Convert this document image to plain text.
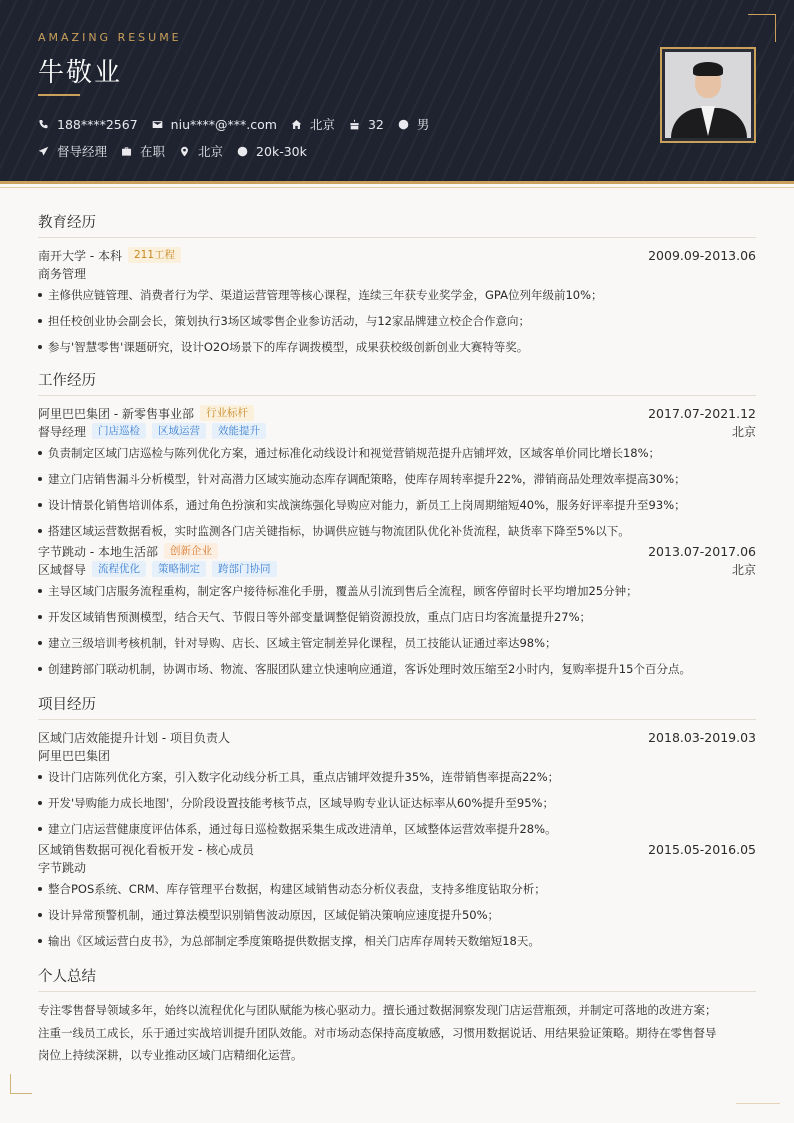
AMAZING RESUME
牛敬业
188****2567	niu****@***.com	北京	32	男
督导经理	在职	北京	20k-30k
教育经历
南开大学 - 本科	211工程	2009.09-2013.06
商务管理
主修供应链管理、消费者行为学、渠道运营管理等核心课程，连续三年获专业奖学金，GPA位列年级前10%；
担任校创业协会副会长，策划执行3场区域零售企业参访活动，与12家品牌建立校企合作意向；
参与'智慧零售'课题研究，设计O2O场景下的库存调拨模型，成果获校级创新创业大赛特等奖。
工作经历
阿里巴巴集团 - 新零售事业部	行业标杆	2017.07-2021.12
督导经理	门店巡检	区域运营	效能提升	北京
负责制定区域门店巡检与陈列优化方案，通过标准化动线设计和视觉营销规范提升店铺坪效，区域客单价同比增长18%；
建立门店销售漏斗分析模型，针对高潜力区域实施动态库存调配策略，使库存周转率提升22%，滞销商品处理效率提高30%；
设计情景化销售培训体系，通过角色扮演和实战演练强化导购应对能力，新员工上岗周期缩短40%，服务好评率提升至93%；
搭建区域运营数据看板，实时监测各门店关键指标，协调供应链与物流团队优化补货流程，缺货率下降至5%以下。
字节跳动 - 本地生活部	创新企业	2013.07-2017.06
区域督导	流程优化	策略制定	跨部门协同	北京
主导区域门店服务流程重构，制定客户接待标准化手册，覆盖从引流到售后全流程，顾客停留时长平均增加25分钟；
开发区域销售预测模型，结合天气、节假日等外部变量调整促销资源投放，重点门店日均客流量提升27%；
建立三级培训考核机制，针对导购、店长、区域主管定制差异化课程，员工技能认证通过率达98%；
创建跨部门联动机制，协调市场、物流、客服团队建立快速响应通道，客诉处理时效压缩至2小时内，复购率提升15个百分点。
项目经历
区域门店效能提升计划 - 项目负责人	2018.03-2019.03
阿里巴巴集团
设计门店陈列优化方案，引入数字化动线分析工具，重点店铺坪效提升35%，连带销售率提高22%；
开发'导购能力成长地图'，分阶段设置技能考核节点，区域导购专业认证达标率从60%提升至95%；
建立门店运营健康度评估体系，通过每日巡检数据采集生成改进清单，区域整体运营效率提升28%。
区域销售数据可视化看板开发 - 核心成员	2015.05-2016.05
字节跳动
整合POS系统、CRM、库存管理平台数据，构建区域销售动态分析仪表盘，支持多维度钻取分析；
设计异常预警机制，通过算法模型识别销售波动原因，区域促销决策响应速度提升50%；
输出《区域运营白皮书》，为总部制定季度策略提供数据支撑，相关门店库存周转天数缩短18天。
个人总结
专注零售督导领域多年，始终以流程优化与团队赋能为核心驱动力。擅长通过数据洞察发现门店运营瓶颈，并制定可落地的改进方案；
注重一线员工成长，乐于通过实战培训提升团队效能。对市场动态保持高度敏感，习惯用数据说话、用结果验证策略。期待在零售督导
岗位上持续深耕，以专业推动区域门店精细化运营。
